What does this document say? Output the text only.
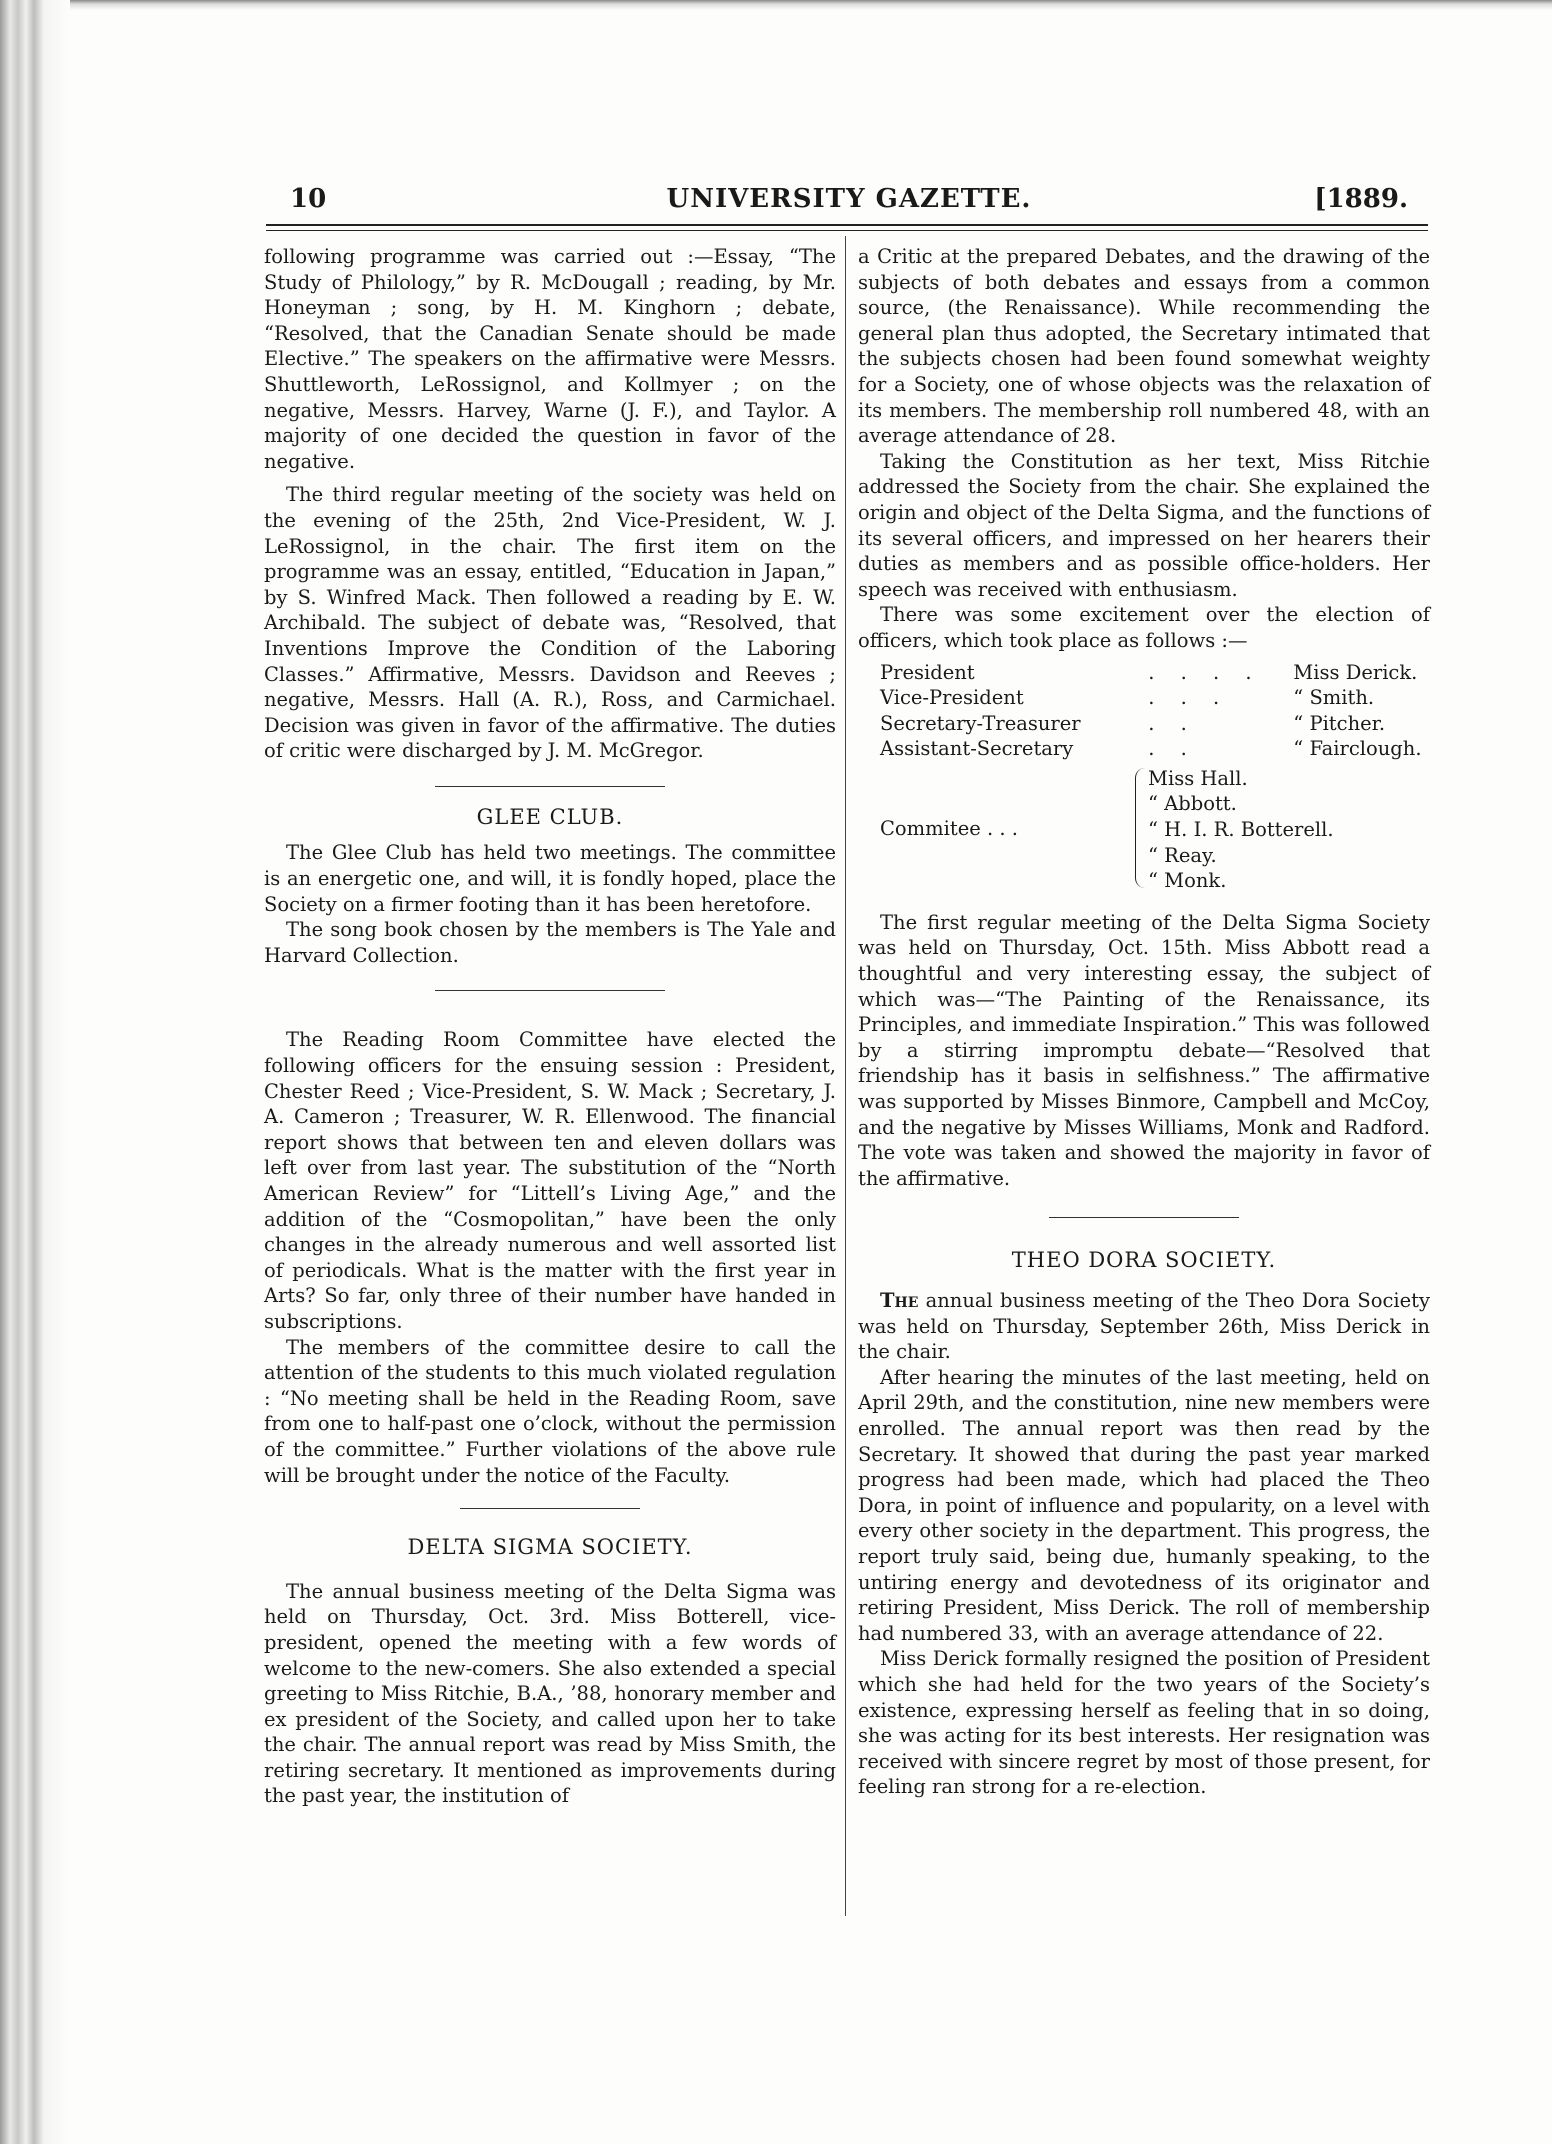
10	UNIVERSITY GAZETTE.	[1889.

following programme was carried out :—Essay, “The Study of Philology,” by R. McDougall ; reading, by Mr. Honeyman ; song, by H. M. Kinghorn ; debate, “Resolved, that the Canadian Senate should be made Elective.” The speakers on the affirmative were Messrs. Shuttleworth, LeRossignol, and Kollmyer ; on the negative, Messrs. Harvey, Warne (J. F.), and Taylor. A majority of one decided the question in favor of the negative.

The third regular meeting of the society was held on the evening of the 25th, 2nd Vice-President, W. J. LeRossignol, in the chair. The first item on the programme was an essay, entitled, “Education in Japan,” by S. Winfred Mack. Then followed a reading by E. W. Archibald. The subject of debate was, “Resolved, that Inventions Improve the Condition of the Laboring Classes.” Affirmative, Messrs. Davidson and Reeves ; negative, Messrs. Hall (A. R.), Ross, and Carmichael. Decision was given in favor of the affirmative. The duties of critic were discharged by J. M. McGregor.

GLEE CLUB.

The Glee Club has held two meetings. The committee is an energetic one, and will, it is fondly hoped, place the Society on a firmer footing than it has been heretofore.

The song book chosen by the members is The Yale and Harvard Collection.

The Reading Room Committee have elected the following officers for the ensuing session : President, Chester Reed ; Vice-President, S. W. Mack ; Secretary, J. A. Cameron ; Treasurer, W. R. Ellenwood. The financial report shows that between ten and eleven dollars was left over from last year. The substitution of the “North American Review” for “Littell’s Living Age,” and the addition of the “Cosmopolitan,” have been the only changes in the already numerous and well assorted list of periodicals. What is the matter with the first year in Arts? So far, only three of their number have handed in subscriptions.

The members of the committee desire to call the attention of the students to this much violated regulation : “No meeting shall be held in the Reading Room, save from one to half-past one o’clock, without the permission of the committee.” Further violations of the above rule will be brought under the notice of the Faculty.

DELTA SIGMA SOCIETY.

The annual business meeting of the Delta Sigma was held on Thursday, Oct. 3rd. Miss Botterell, vice-president, opened the meeting with a few words of welcome to the new-comers. She also extended a special greeting to Miss Ritchie, B.A., ’88, honorary member and ex president of the Society, and called upon her to take the chair. The annual report was read by Miss Smith, the retiring secretary. It mentioned as improvements during the past year, the institution of

a Critic at the prepared Debates, and the drawing of the subjects of both debates and essays from a common source, (the Renaissance). While recommending the general plan thus adopted, the Secretary intimated that the subjects chosen had been found somewhat weighty for a Society, one of whose objects was the relaxation of its members. The membership roll numbered 48, with an average attendance of 28.

Taking the Constitution as her text, Miss Ritchie addressed the Society from the chair. She explained the origin and object of the Delta Sigma, and the functions of its several officers, and impressed on her hearers their duties as members and as possible office-holders. Her speech was received with enthusiasm.

There was some excitement over the election of officers, which took place as follows :—

President	. . . .	Miss Derick.
Vice-President	. . .	“ Smith.
Secretary-Treasurer	. .	“ Pitcher.
Assistant-Secretary	. .	“ Fairclough.
Commitee . . .
Miss Hall.
“ Abbott.
“ H. I. R. Botterell.
“ Reay.
“ Monk.

The first regular meeting of the Delta Sigma Society was held on Thursday, Oct. 15th. Miss Abbott read a thoughtful and very interesting essay, the subject of which was—“The Painting of the Renaissance, its Principles, and immediate Inspiration.” This was followed by a stirring impromptu debate—“Resolved that friendship has it basis in selfishness.” The affirmative was supported by Misses Binmore, Campbell and McCoy, and the negative by Misses Williams, Monk and Radford. The vote was taken and showed the majority in favor of the affirmative.

THEO DORA SOCIETY.

The annual business meeting of the Theo Dora Society was held on Thursday, September 26th, Miss Derick in the chair.

After hearing the minutes of the last meeting, held on April 29th, and the constitution, nine new members were enrolled. The annual report was then read by the Secretary. It showed that during the past year marked progress had been made, which had placed the Theo Dora, in point of influence and popularity, on a level with every other society in the department. This progress, the report truly said, being due, humanly speaking, to the untiring energy and devotedness of its originator and retiring President, Miss Derick. The roll of membership had numbered 33, with an average attendance of 22.

Miss Derick formally resigned the position of President which she had held for the two years of the Society’s existence, expressing herself as feeling that in so doing, she was acting for its best interests. Her resignation was received with sincere regret by most of those present, for feeling ran strong for a re-election.
